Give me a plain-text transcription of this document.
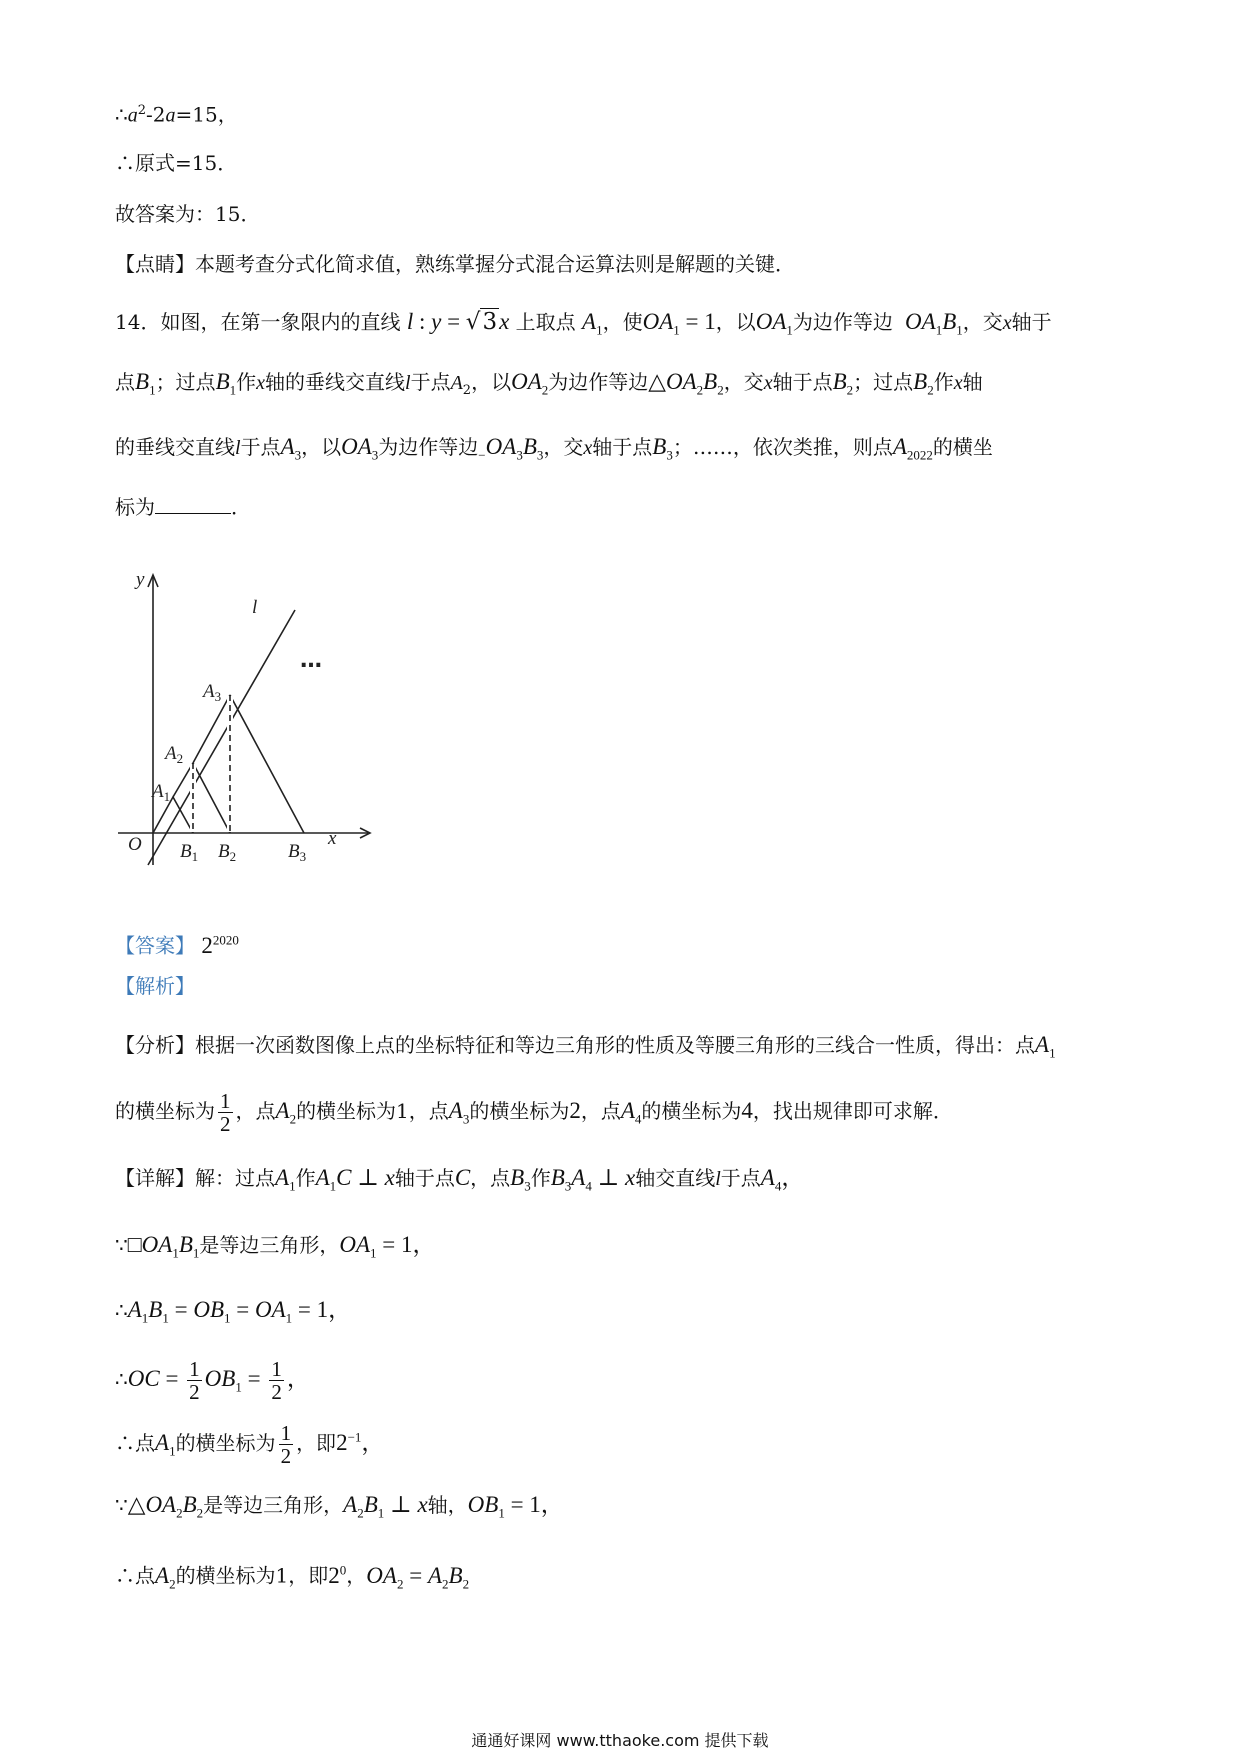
$\therefore a^2-2a=15$，
∴原式=15．
故答案为：15．
【点睛】本题考查分式化简求值，熟练掌握分式混合运算法则是解题的关键．
14．如图，在第一象限内的直线 l : y = √3x 上取点 $A_1$，使$OA_1 = 1$，以$OA_1$为边作等边 $OA_1B_1$，交x轴于
点$B_1$；过点$B_1$作x轴的垂线交直线l于点$A_2$，以$OA_2$为边作等边$\triangle OA_2B_2$，交x轴于点$B_2$；过点$B_2$作x轴
的垂线交直线l于点$A_3$，以$OA_3$为边作等边$_-OA_3B_3$，交x轴于点$B_3$；……，依次类推，则点$A_{2022}$的横坐
标为	．
y
x
O
l
$A_1$
$A_2$
$A_3$
$B_1$ $B_2$	$B_3$
…
【答案】 $2^{2020}$
【解析】
【分析】根据一次函数图像上点的坐标特征和等边三角形的性质及等腰三角形的三线合一性质，得出：点$A_1$
的横坐标为 $\frac{1}{2}$ ，点$A_2$的横坐标为1，点$A_3$的横坐标为2，点$A_4$的横坐标为4，找出规律即可求解．
【详解】解：过点$A_1$作$A_1C$ ⊥ x轴于点C，点$B_3$作$B_3A_4$ ⊥ x轴交直线l于点$A_4$，
$\because□OA_1B_1$是等边三角形，$OA_1 = 1$，
$\therefore A_1B_1 = OB_1 = OA_1 = 1$，
∴OC = $\frac{1}{2} OB_1 = \frac{1}{2}$ ，
∴点$A_1$的横坐标为 $\frac{1}{2}$ ，即$2^{-1}$，
$\because\triangle OA_2B_2$是等边三角形，$A_2B_1$ ⊥ x轴，$OB_1 = 1$，
∴点$A_2$的横坐标为1，即$2^0$，$OA_2 = A_2B_2$
通通好课网 www.tthaoke.com 提供下载
